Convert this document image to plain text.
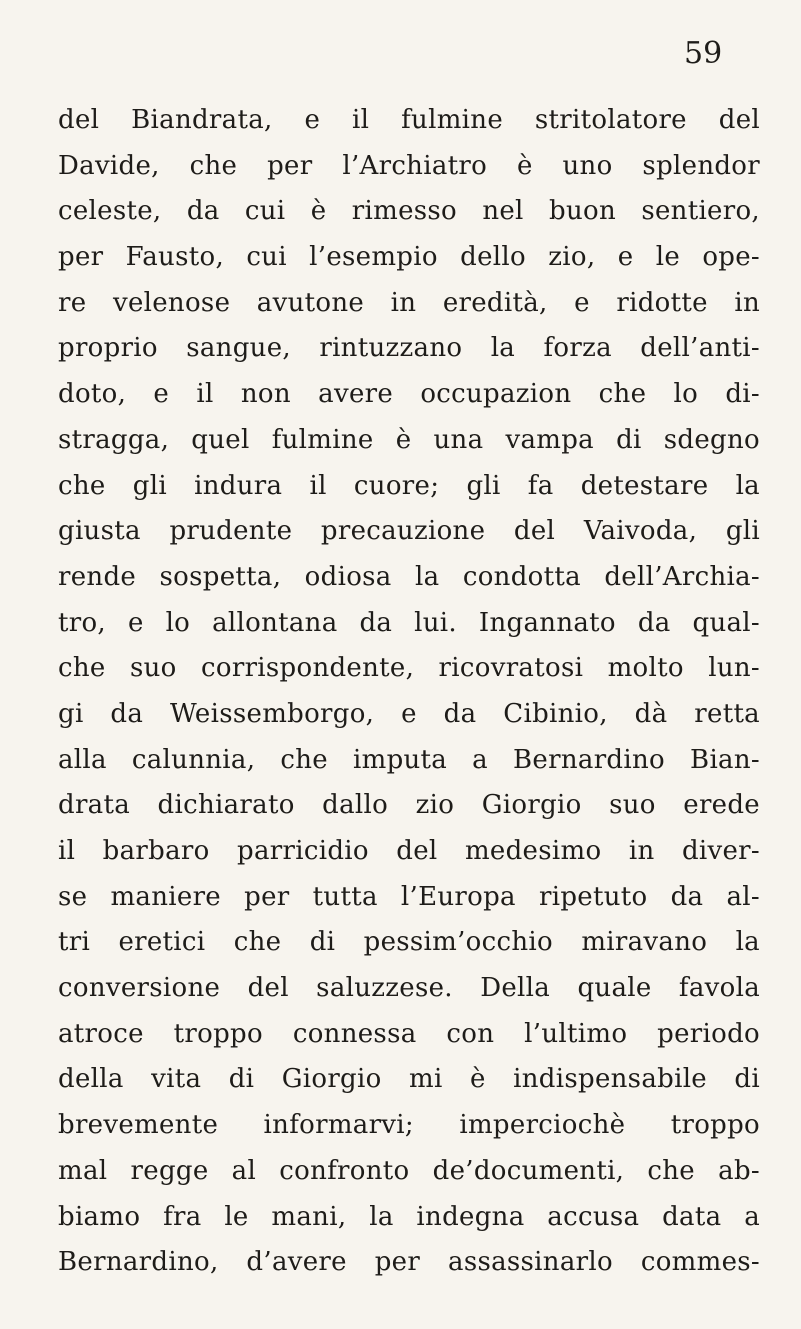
59
del Biandrata, e il fulmine stritolatore del
Davide, che per l’Archiatro è uno splendor
celeste, da cui è rimesso nel buon sentiero,
per Fausto, cui l’esempio dello zio, e le ope-
re velenose avutone in eredità, e ridotte in
proprio sangue, rintuzzano la forza dell’anti-
doto, e il non avere occupazion che lo di-
stragga, quel fulmine è una vampa di sdegno
che gli indura il cuore; gli fa detestare la
giusta prudente precauzione del Vaivoda, gli
rende sospetta, odiosa la condotta dell’Archia-
tro, e lo allontana da lui. Ingannato da qual-
che suo corrispondente, ricovratosi molto lun-
gi da Weissemborgo, e da Cibinio, dà retta
alla calunnia, che imputa a Bernardino Bian-
drata dichiarato dallo zio Giorgio suo erede
il barbaro parricidio del medesimo in diver-
se maniere per tutta l’Europa ripetuto da al-
tri eretici che di pessim’occhio miravano la
conversione del saluzzese. Della quale favola
atroce troppo connessa con l’ultimo periodo
della vita di Giorgio mi è indispensabile di
brevemente informarvi; imperciochè troppo
mal regge al confronto de’documenti, che ab-
biamo fra le mani, la indegna accusa data a
Bernardino, d’avere per assassinarlo commes-
